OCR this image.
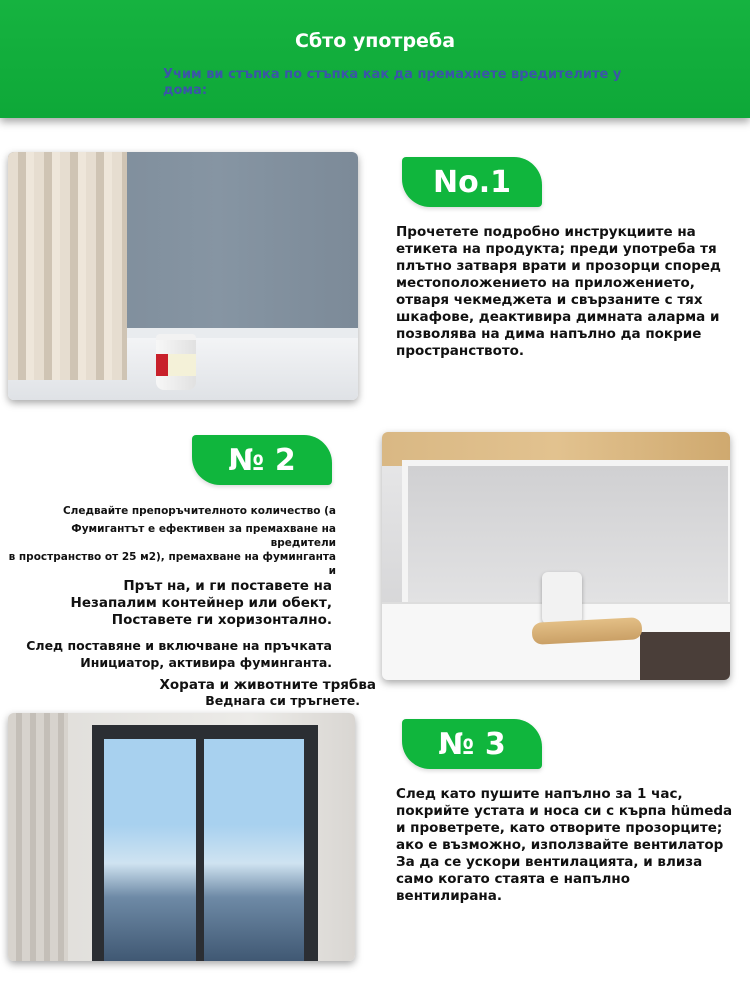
Сбто употреба
Учим ви стъпка по стъпка как да премахнете вредителите у дома:
No.1
Прочетете подробно инструкциите на
етикета на продукта; преди употреба тя
плътно затваря врати и прозорци според
местоположението на приложението,
отваря чекмеджета и свързаните с тях
шкафове, деактивира димната аларма и
позволява на дима напълно да покрие
пространството.
№ 2
Следвайте препоръчителното количество (а
Фумигантът е ефективен за премахване на вредители
в пространство от 25 м2), премахване на фуминганта и
Прът на, и ги поставете на
Незапалим контейнер или обект,
Поставете ги хоризонтално.
След поставяне и включване на пръчката
Инициатор, активира фуминганта.
Хората и животните трябва
Веднага си тръгнете.
№ 3
След като пушите напълно за 1 час,
покрийте устата и носа си с кърпа hümeda
и проветрете, като отворите прозорците;
ако е възможно, използвайте вентилатор
За да се ускори вентилацията, и влиза
само когато стаята е напълно
вентилирана.
